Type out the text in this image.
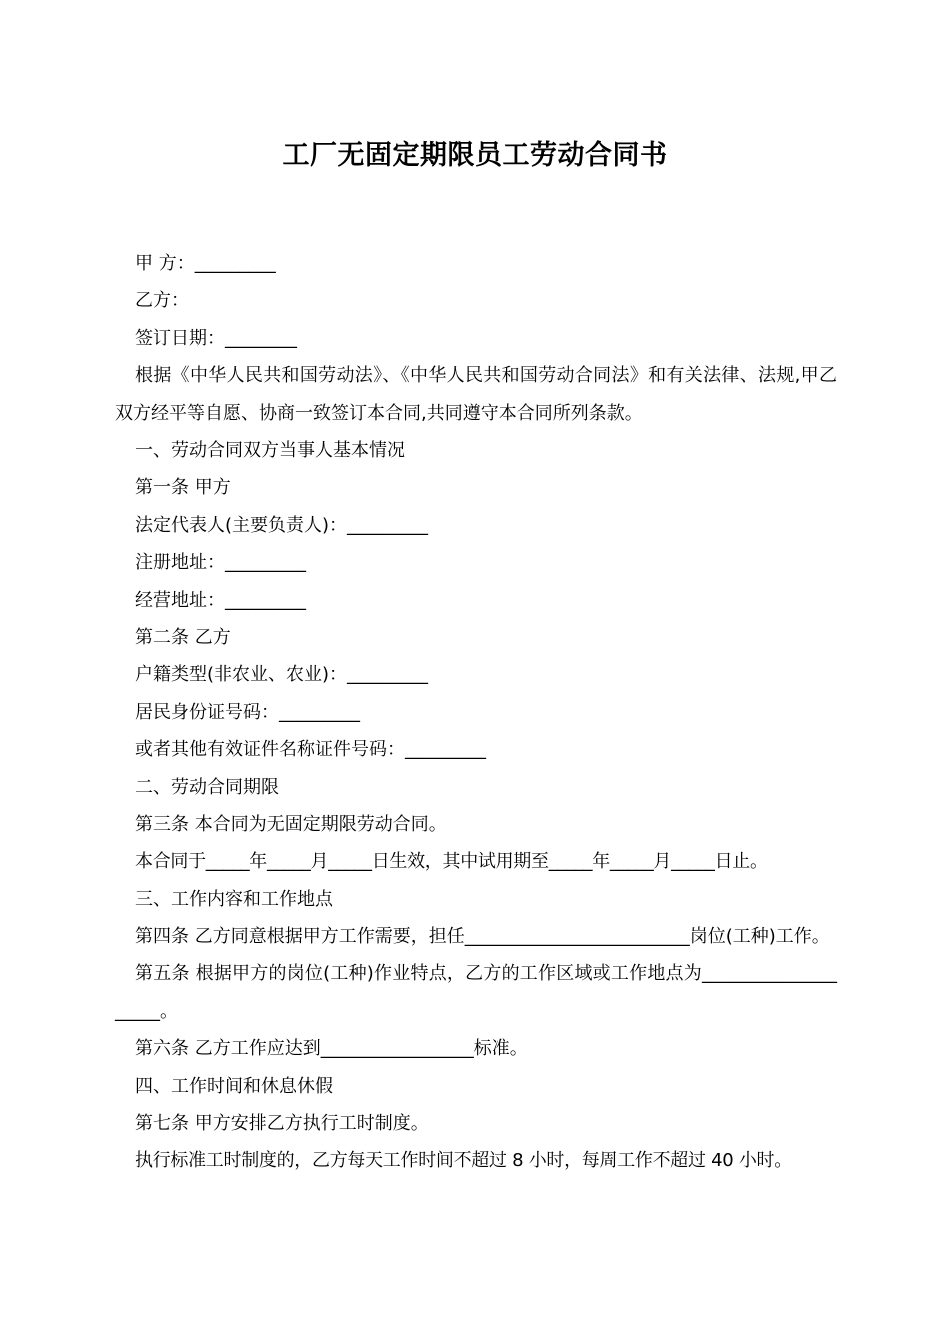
工厂无固定期限员工劳动合同书
甲 方：_________
乙方：
签订日期：________
根据《中华人民共和国劳动法》、《中华人民共和国劳动合同法》和有关法律、法规,甲乙双方经平等自愿、协商一致签订本合同,共同遵守本合同所列条款。
一、劳动合同双方当事人基本情况
第一条 甲方
法定代表人(主要负责人)：_________
注册地址：_________
经营地址：_________
第二条 乙方
户籍类型(非农业、农业)：_________
居民身份证号码：_________
或者其他有效证件名称证件号码：_________
二、劳动合同期限
第三条 本合同为无固定期限劳动合同。
本合同于_____年_____月_____日生效，其中试用期至_____年_____月_____日止。
三、工作内容和工作地点
第四条 乙方同意根据甲方工作需要，担任_________________________岗位(工种)工作。
第五条 根据甲方的岗位(工种)作业特点，乙方的工作区域或工作地点为____________________。
第六条 乙方工作应达到_________________标准。
四、工作时间和休息休假
第七条 甲方安排乙方执行工时制度。
执行标准工时制度的，乙方每天工作时间不超过 8 小时，每周工作不超过 40 小时。
